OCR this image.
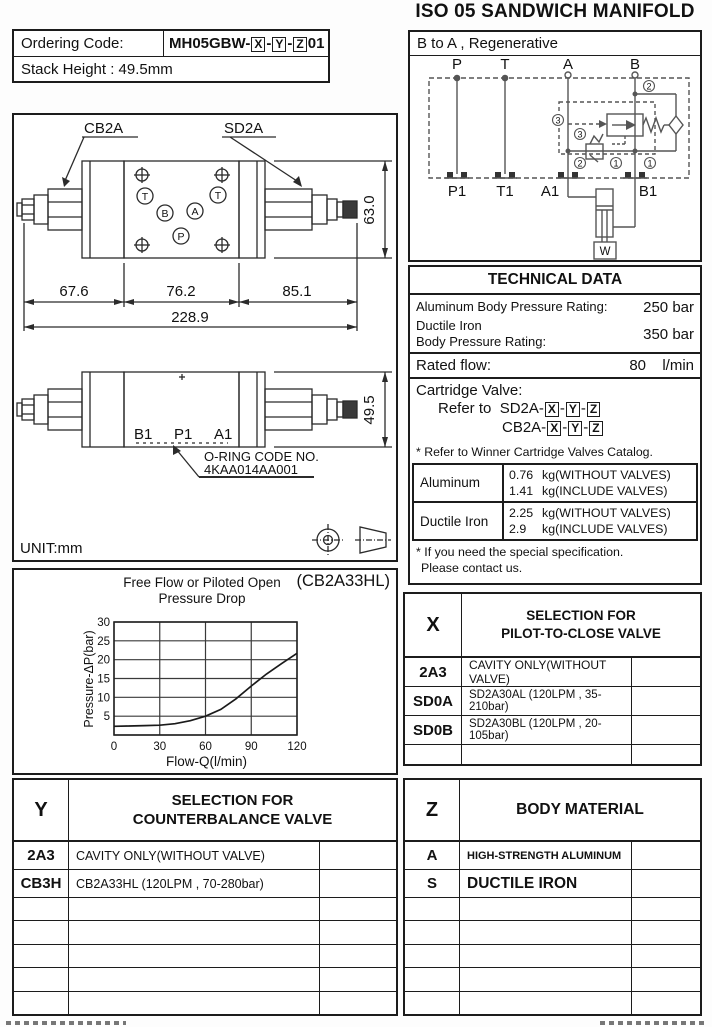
ISO 05 SANDWICH MANIFOLD
Ordering Code:	MH05GBW- X - Y - Z 01
Stack Height : 49.5mm
CB2A	SD2A
T	T
B A
P
63.0
67.6	76.2	85.1
228.9
B1 P1 A1
49.5
O-RING CODE NO.
4KAA014AA001
UNIT:mm
B to A , Regenerative
P	T	A	B
P1 T1 A1	B1
W
2
3
3
2	1	1
TECHNICAL DATA
Aluminum Body Pressure Rating: 250 bar
Ductile Iron
Body Pressure Rating:	350 bar
Rated flow:	80	l/min
Cartridge Valve:
Refer to SD2A- X - Y - Z
CB2A- X - Y - Z
* Refer to Winner Cartridge Valves Catalog.
Aluminum
0.76 kg(WITHOUT VALVES)
1.41 kg(INCLUDE VALVES)
Ductile Iron
2.25 kg(WITHOUT VALVES)
2.9 kg(INCLUDE VALVES)
* If you need the special specification.
Please contact us.
Free Flow or Piloted Open
Pressure Drop
(CB2A33HL)
0	30	60	90	120
5
10
15
20
25
30
Pressure-ΔP(bar)
Flow-Q(l/min)
X	SELECTION FOR
PILOT-TO-CLOSE VALVE
2A3	CAVITY ONLY(WITHOUT VALVE)
SD0A	SD2A30AL (120LPM , 35-210bar)
SD0B	SD2A30BL (120LPM , 20-105bar)
Y	SELECTION FOR
COUNTERBALANCE VALVE
2A3	CAVITY ONLY(WITHOUT VALVE)
CB3H	CB2A33HL (120LPM , 70-280bar)
Z	BODY MATERIAL
A	HIGH-STRENGTH ALUMINUM
S	DUCTILE IRON
